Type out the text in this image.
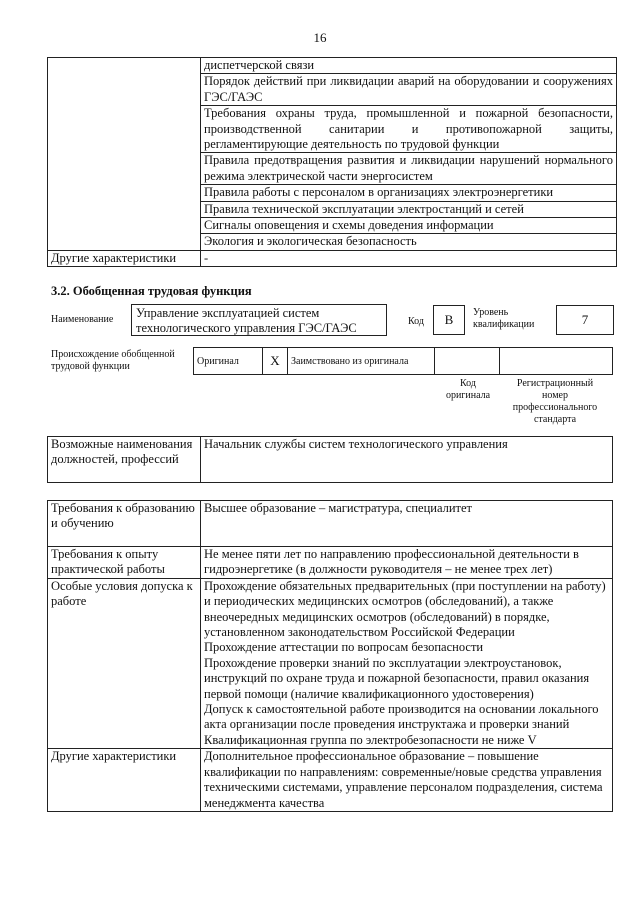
16
	диспетчерской связи
	Порядок действий при ликвидации аварий на оборудовании и сооружениях ГЭС/ГАЭС
	Требования охраны труда, промышленной и пожарной безопасности, производственной санитарии и противопожарной защиты, регламентирующие деятельность по трудовой функции
	Правила предотвращения развития и ликвидации нарушений нормального режима электрической части энергосистем
	Правила работы с персоналом в организациях электроэнергетики
	Правила технической эксплуатации электростанций и сетей
	Сигналы оповещения и схемы доведения информации
	Экология и экологическая безопасность
Другие характеристики	-
3.2. Обобщенная трудовая функция
Наименование	Управление эксплуатацией систем технологического управления ГЭС/ГАЭС	Код	B	Уровень квалификации	7
Происхождение обобщенной трудовой функции	Оригинал	X	Заимствовано из оригинала		
Код оригинала
Регистрационный номер профессионального стандарта
Возможные наименования должностей, профессий	Начальник службы систем технологического управления
Требования к образованию и обучению	Высшее образование – магистратура, специалитет
Требования к опыту практической работы	Не менее пяти лет по направлению профессиональной деятельности в гидроэнергетике (в должности руководителя – не менее трех лет)
Особые условия допуска к работе	Прохождение обязательных предварительных (при поступлении на работу) и периодических медицинских осмотров (обследований), а также внеочередных медицинских осмотров (обследований) в порядке, установленном законодательством Российской Федерации
Прохождение аттестации по вопросам безопасности
Прохождение проверки знаний по эксплуатации электроустановок, инструкций по охране труда и пожарной безопасности, правил оказания первой помощи (наличие квалификационного удостоверения)
Допуск к самостоятельной работе производится на основании локального акта организации после проведения инструктажа и проверки знаний
Квалификационная группа по электробезопасности не ниже V

Другие характеристики	Дополнительное профессиональное образование – повышение квалификации по направлениям: современные/новые средства управления техническими системами, управление персоналом подразделения, система менеджмента качества
